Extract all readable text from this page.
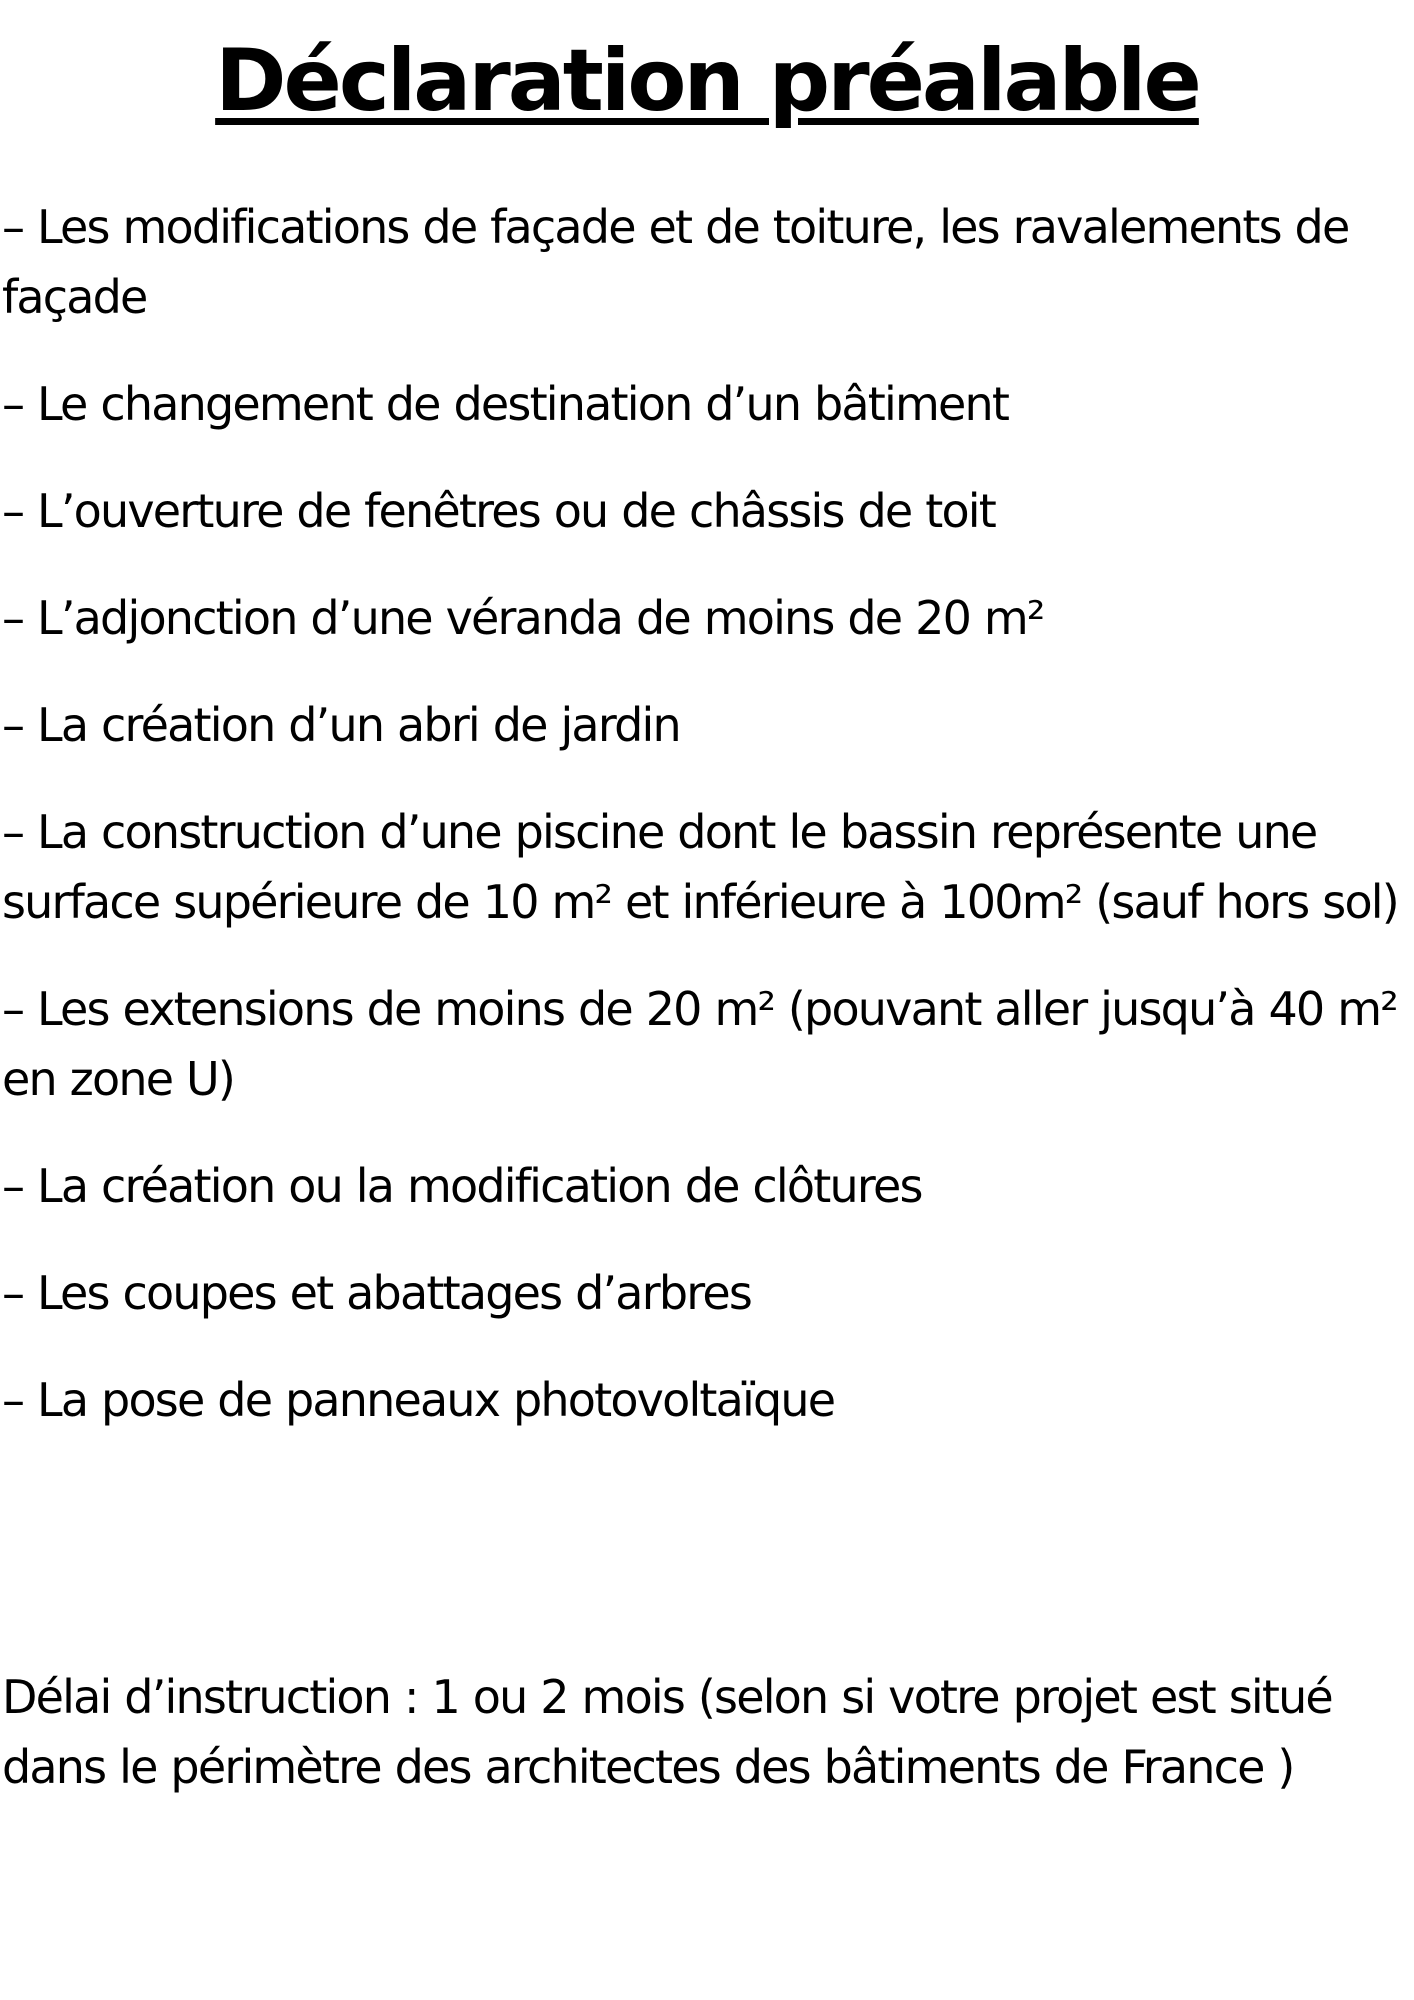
Déclaration préalable

– Les modifications de façade et de toiture, les ravalements de façade

– Le changement de destination d’un bâtiment

– L’ouverture de fenêtres ou de châssis de toit

– L’adjonction d’une véranda de moins de 20 m²

– La création d’un abri de jardin

– La construction d’une piscine dont le bassin représente une surface supérieure de 10 m² et inférieure à 100m² (sauf hors sol)

– Les extensions de moins de 20 m² (pouvant aller jusqu’à 40 m² en zone U)

– La création ou la modification de clôtures

– Les coupes et abattages d’arbres

– La pose de panneaux photovoltaïque

Délai d’instruction : 1 ou 2 mois (selon si votre projet est situé dans le périmètre des architectes des bâtiments de France )
